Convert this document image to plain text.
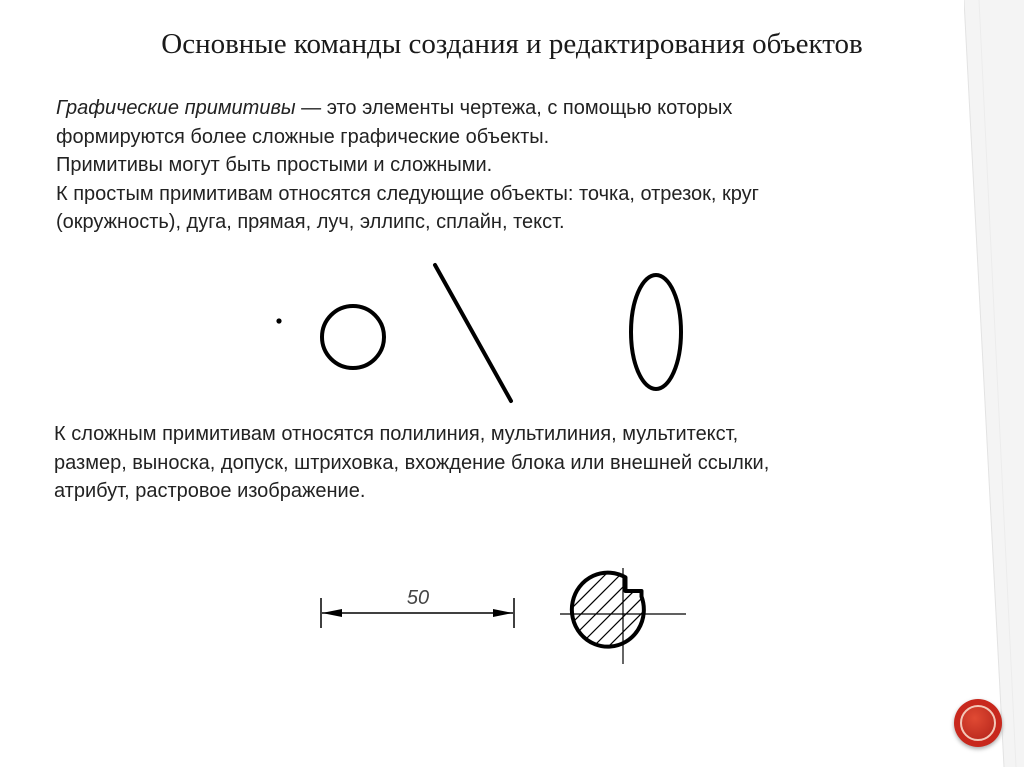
Основные команды создания и редактирования объектов
Графические примитивы — это элементы чертежа, с помощью которых
формируются более сложные графические объекты.
Примитивы могут быть простыми и сложными.
К простым примитивам относятся следующие объекты: точка, отрезок, круг
(окружность), дуга, прямая, луч, эллипс, сплайн, текст.
50
К сложным примитивам относятся полилиния, мультилиния, мультитекст,
размер, выноска, допуск, штриховка, вхождение блока или внешней ссылки,
атрибут, растровое изображение.
